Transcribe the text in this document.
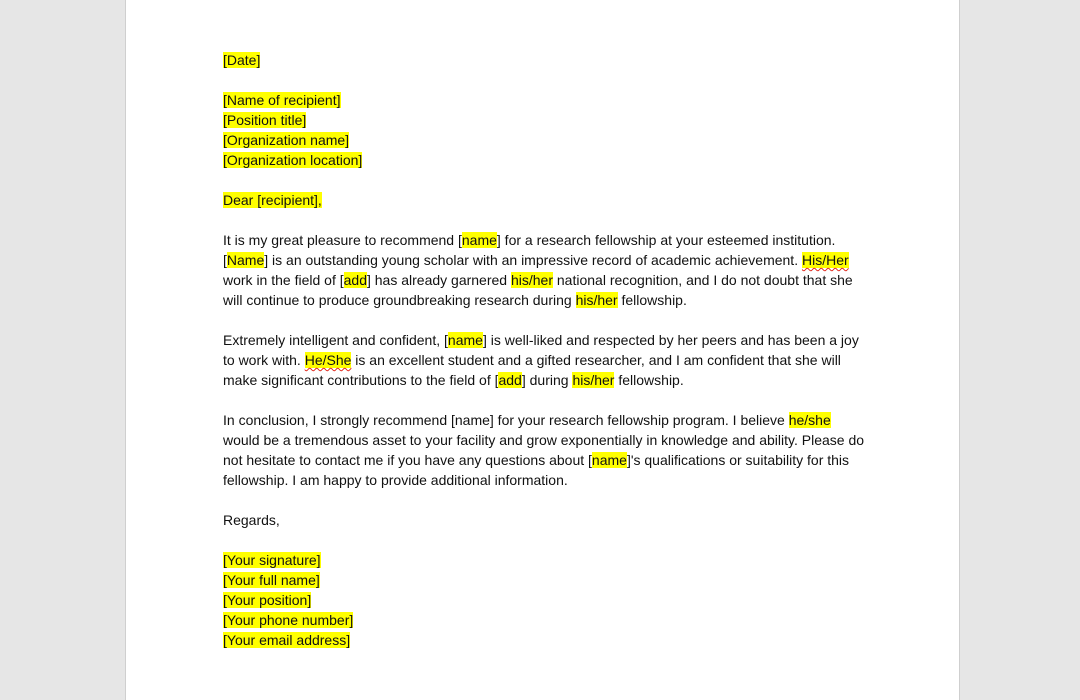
[Date]
[Name of recipient]
[Position title]
[Organization name]
[Organization location]
Dear [recipient],
It is my great pleasure to recommend [name] for a research fellowship at your esteemed institution.
[Name] is an outstanding young scholar with an impressive record of academic achievement. His/Her
work in the field of [add] has already garnered his/her national recognition, and I do not doubt that she
will continue to produce groundbreaking research during his/her fellowship.
Extremely intelligent and confident, [name] is well-liked and respected by her peers and has been a joy
to work with. He/She is an excellent student and a gifted researcher, and I am confident that she will
make significant contributions to the field of [add] during his/her fellowship.
In conclusion, I strongly recommend [name] for your research fellowship program. I believe he/she
would be a tremendous asset to your facility and grow exponentially in knowledge and ability. Please do
not hesitate to contact me if you have any questions about [name]'s qualifications or suitability for this
fellowship. I am happy to provide additional information.
Regards,
[Your signature]
[Your full name]
[Your position]
[Your phone number]
[Your email address]
